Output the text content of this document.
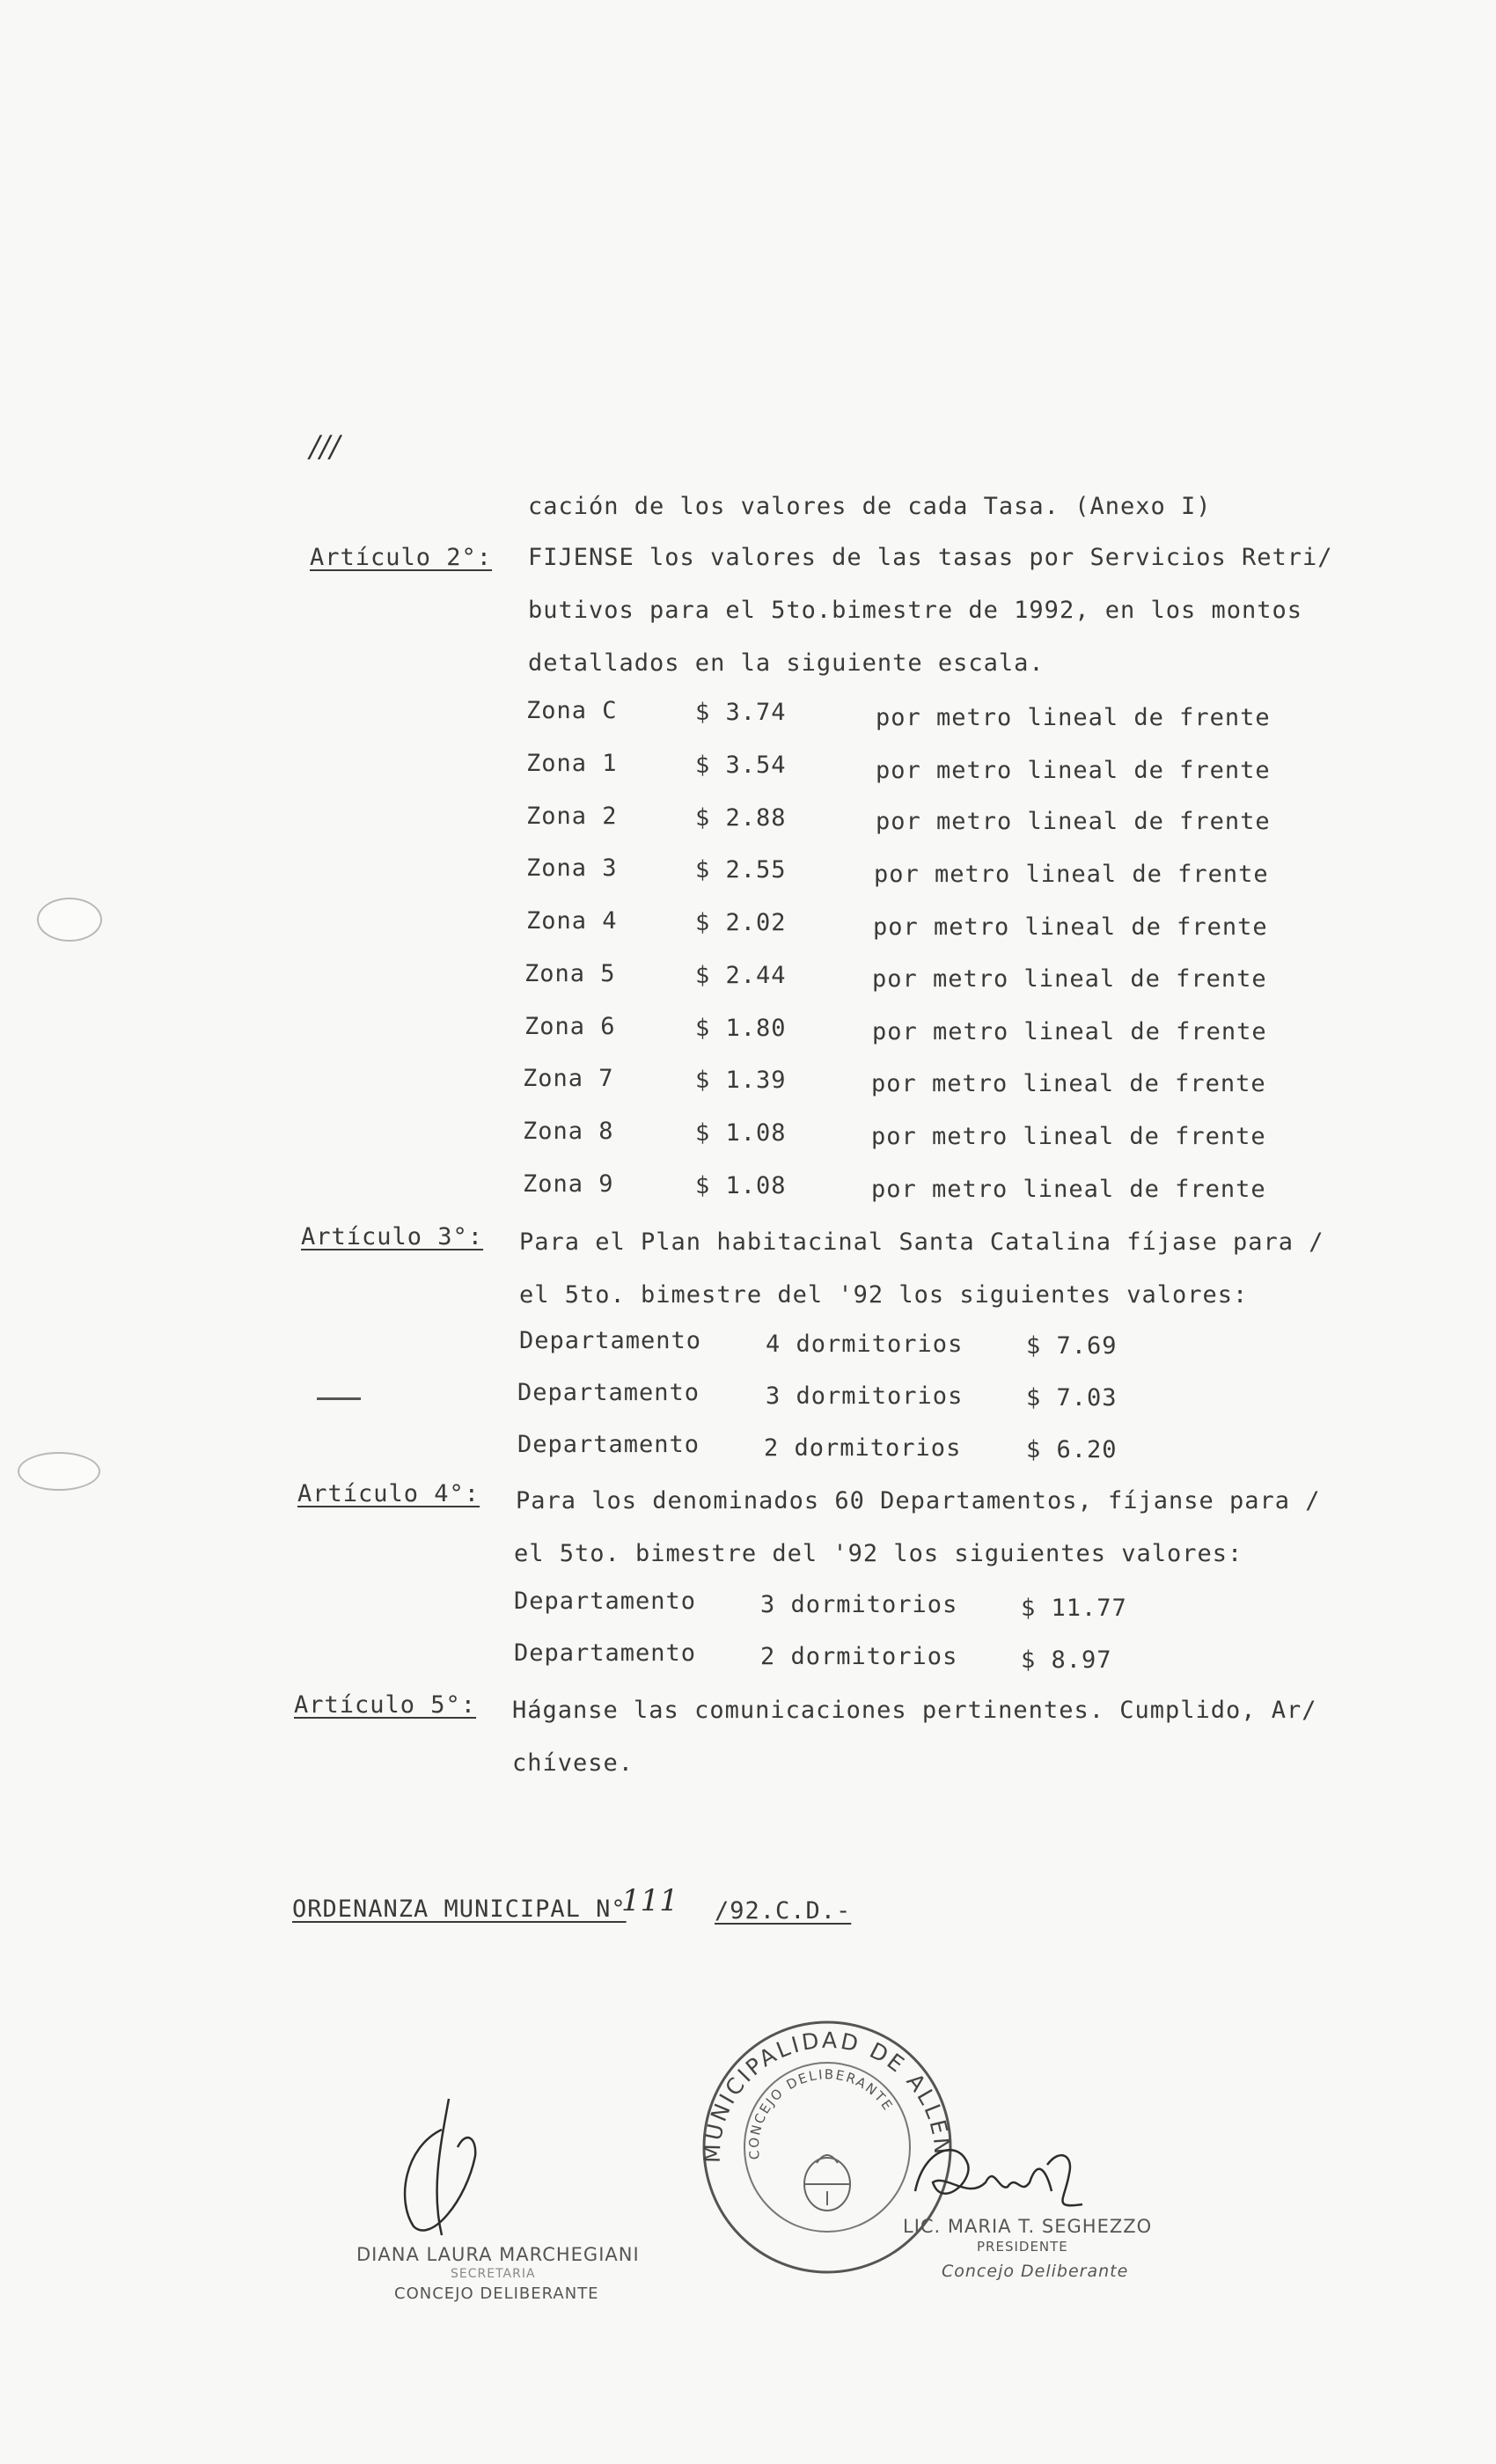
///
cación de los valores de cada Tasa. (Anexo I)
Artículo 2°: FIJENSE los valores de las tasas por Servicios Retri/
butivos para el 5to.bimestre de 1992, en los montos
detallados en la siguiente escala.
Zona C	$ 3.74	por metro lineal de frente
Zona 1	$ 3.54	por metro lineal de frente
Zona 2	$ 2.88	por metro lineal de frente
Zona 3	$ 2.55	por metro lineal de frente
Zona 4	$ 2.02	por metro lineal de frente
Zona 5	$ 2.44	por metro lineal de frente
Zona 6	$ 1.80	por metro lineal de frente
Zona 7	$ 1.39	por metro lineal de frente
Zona 8	$ 1.08	por metro lineal de frente
Zona 9	$ 1.08	por metro lineal de frente
Artículo 3°: Para el Plan habitacinal Santa Catalina fíjase para /
el 5to. bimestre del '92 los siguientes valores:
Departamento	4 dormitorios	$ 7.69
Departamento	3 dormitorios	$ 7.03
Departamento	2 dormitorios	$ 6.20
Artículo 4°: Para los denominados 60 Departamentos, fíjanse para /
el 5to. bimestre del '92 los siguientes valores:
Departamento	3 dormitorios	$ 11.77
Departamento	2 dormitorios	$ 8.97
Artículo 5°: Háganse las comunicaciones pertinentes. Cumplido, Ar/
chívese.
ORDENANZA MUNICIPAL N°
111 /92.C.D.-
MUNICIPALIDAD DE ALLEN
CONCEJO DELIBERANTE
DIANA LAURA MARCHEGIANI
SECRETARIA
CONCEJO DELIBERANTE
LIC. MARIA T. SEGHEZZO
PRESIDENTE
Concejo Deliberante
